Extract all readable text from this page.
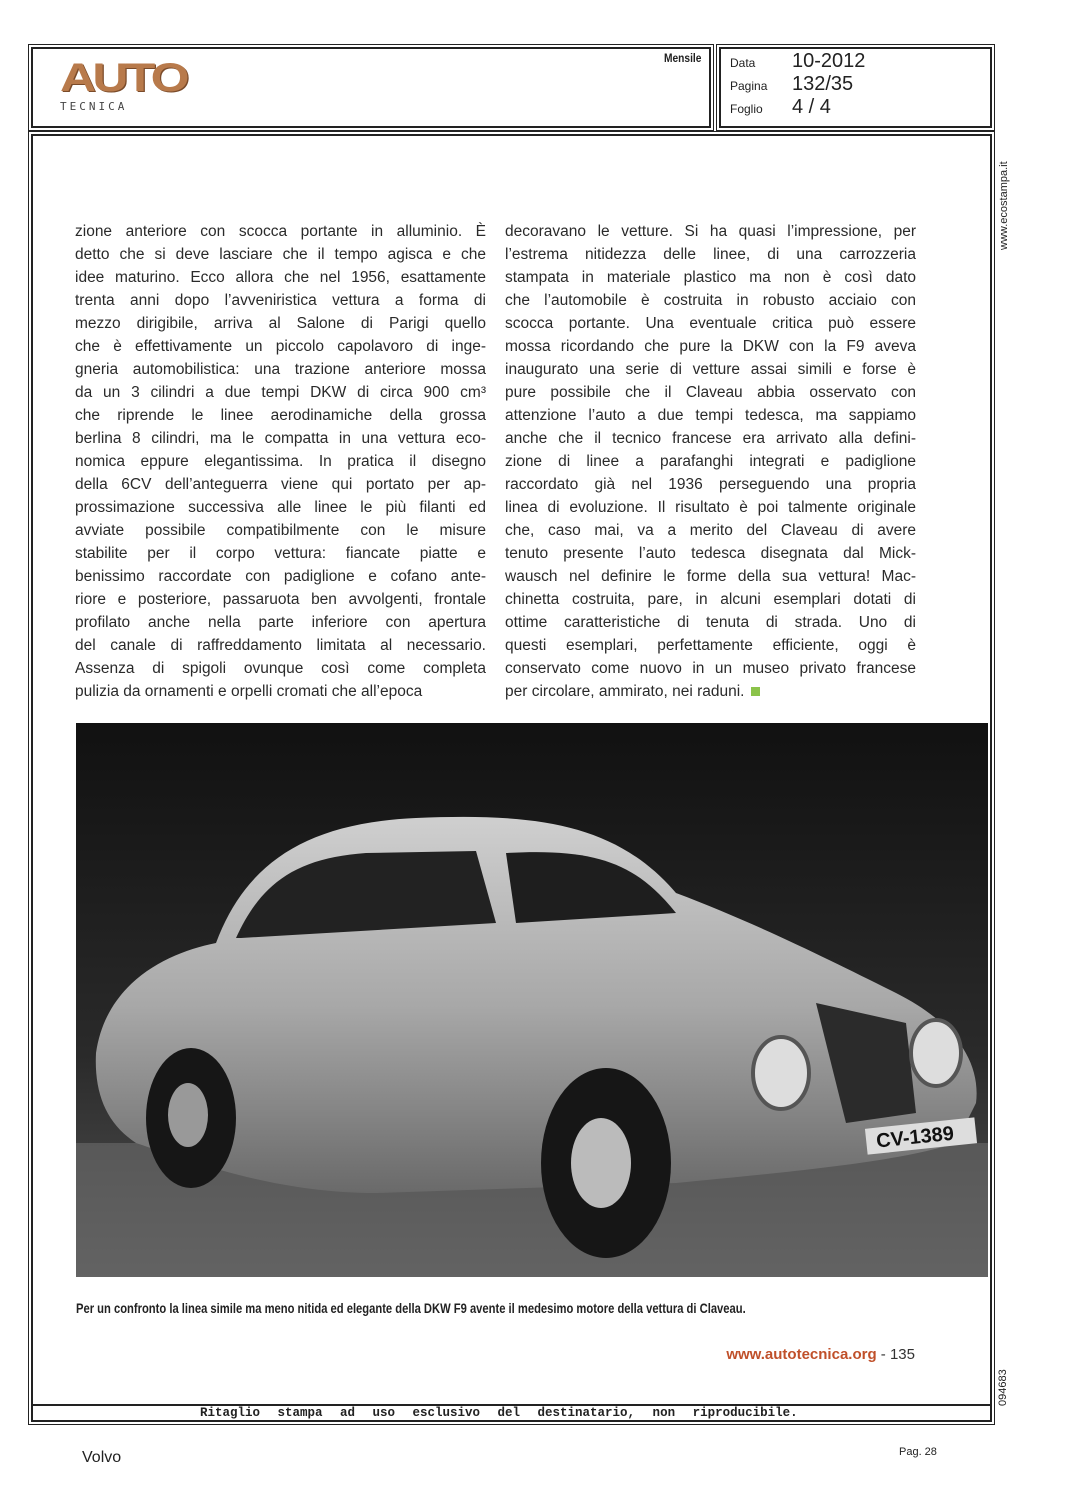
AUTO
TECNICA
Mensile Data 10-2012
Pagina 132/35
Foglio 4 / 4
www.ecostampa.it
094683
zione anteriore con scocca portante in alluminio. È
detto che si deve lasciare che il tempo agisca e che
idee maturino. Ecco allora che nel 1956, esattamente
trenta anni dopo l’avveniristica vettura a forma di
mezzo dirigibile, arriva al Salone di Parigi quello
che è effettivamente un piccolo capolavoro di inge-
gneria automobilistica: una trazione anteriore mossa
da un 3 cilindri a due tempi DKW di circa 900 cm³
che riprende le linee aerodinamiche della grossa
berlina 8 cilindri, ma le compatta in una vettura eco-
nomica eppure elegantissima. In pratica il disegno
della 6CV dell’anteguerra viene qui portato per ap-
prossimazione successiva alle linee le più filanti ed
avviate possibile compatibilmente con le misure
stabilite per il corpo vettura: fiancate piatte e
benissimo raccordate con padiglione e cofano ante-
riore e posteriore, passaruota ben avvolgenti, frontale
profilato anche nella parte inferiore con apertura
del canale di raffreddamento limitata al necessario.
Assenza di spigoli ovunque così come completa
pulizia da ornamenti e orpelli cromati che all’epoca
decoravano le vetture. Si ha quasi l’impressione, per
l’estrema nitidezza delle linee, di una carrozzeria
stampata in materiale plastico ma non è così dato
che l’automobile è costruita in robusto acciaio con
scocca portante. Una eventuale critica può essere
mossa ricordando che pure la DKW con la F9 aveva
inaugurato una serie di vetture assai simili e forse è
pure possibile che il Claveau abbia osservato con
attenzione l’auto a due tempi tedesca, ma sappiamo
anche che il tecnico francese era arrivato alla defini-
zione di linee a parafanghi integrati e padiglione
raccordato già nel 1936 perseguendo una propria
linea di evoluzione. Il risultato è poi talmente originale
che, caso mai, va a merito del Claveau di avere
tenuto presente l’auto tedesca disegnata dal Mick-
wausch nel definire le forme della sua vettura! Mac-
chinetta costruita, pare, in alcuni esemplari dotati di
ottime caratteristiche di tenuta di strada. Uno di
questi esemplari, perfettamente efficiente, oggi è
conservato come nuovo in un museo privato francese
per circolare, ammirato, nei raduni.
CV-1389
Per un confronto la linea simile ma meno nitida ed elegante della DKW F9 avente il medesimo motore della vettura di Claveau.
www.autotecnica.org - 135
Ritaglio stampa ad uso esclusivo del destinatario, non riproducibile.
Volvo	Pag. 28
